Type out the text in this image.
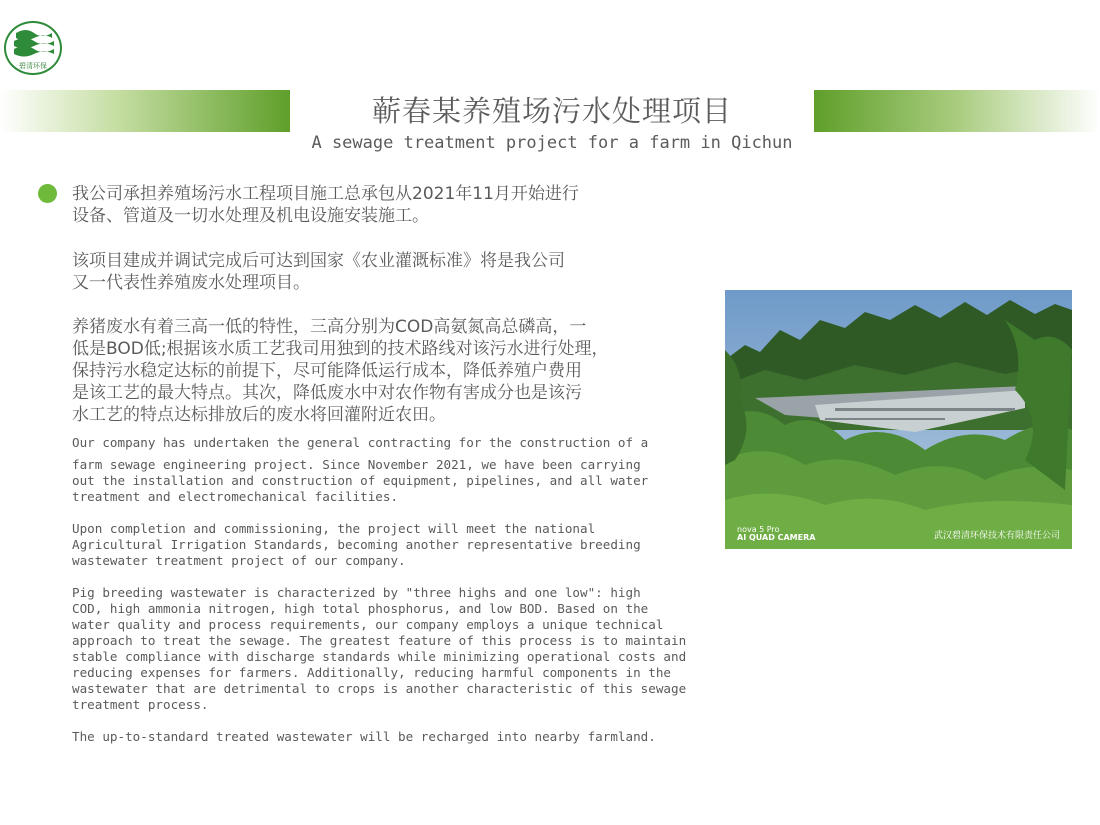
碧清环保
蕲春某养殖场污水处理项目
A sewage treatment project for a farm in Qichun
我公司承担养殖场污水工程项目施工总承包从2021年11月开始进行
设备、管道及一切水处理及机电设施安装施工。
该项目建成并调试完成后可达到国家《农业灌溉标准》将是我公司
又一代表性养殖废水处理项目。
养猪废水有着三高一低的特性，三高分别为COD高氨氮高总磷高，一
低是BOD低;根据该水质工艺我司用独到的技术路线对该污水进行处理，
保持污水稳定达标的前提下，尽可能降低运行成本，降低养殖户费用
是该工艺的最大特点。其次，降低废水中对农作物有害成分也是该污
水工艺的特点达标排放后的废水将回灌附近农田。
Our company has undertaken the general contracting for the construction of a
farm sewage engineering project. Since November 2021, we have been carrying
out the installation and construction of equipment, pipelines, and all water
treatment and electromechanical facilities.
Upon completion and commissioning, the project will meet the national
Agricultural Irrigation Standards, becoming another representative breeding
wastewater treatment project of our company.
Pig breeding wastewater is characterized by "three highs and one low": high
COD, high ammonia nitrogen, high total phosphorus, and low BOD. Based on the
water quality and process requirements, our company employs a unique technical
approach to treat the sewage. The greatest feature of this process is to maintain
stable compliance with discharge standards while minimizing operational costs and
reducing expenses for farmers. Additionally, reducing harmful components in the
wastewater that are detrimental to crops is another characteristic of this sewage
treatment process.
The up-to-standard treated wastewater will be recharged into nearby farmland.
nova 5 Pro
AI QUAD CAMERA	武汉碧清环保技术有限责任公司
